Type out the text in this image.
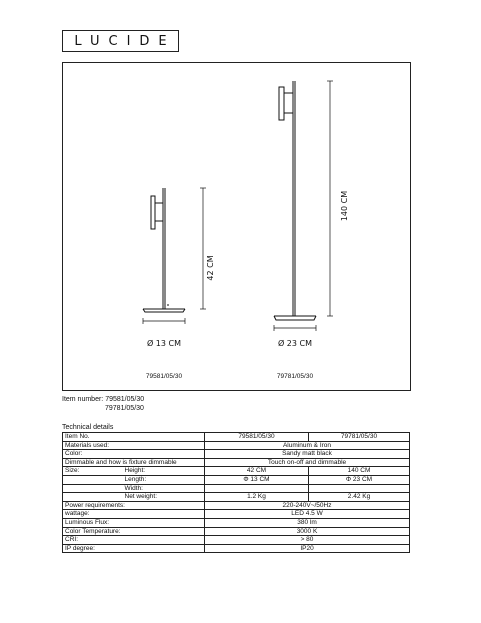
LUCIDE
42 CM
Ø 13 CM
79581/05/30
140 CM
Ø 23 CM
79781/05/30
Item number: 79581/05/30
79781/05/30
Technical details
Item No.		79581/05/30	79781/05/30
Materials used:		Aluminum & Iron	
Color:		Sandy matt black	
Dimmable and how is fixture dimmable		Touch on-off and dimmable	
Size:	Height:	42 CM	140 CM
	Length:	Φ 13 CM	Φ 23 CM
	Width:		
	Net weight:	1.2 Kg	2.42 Kg
Power requirements:		220-240V~/50Hz	
wattage:		LED 4.5 W	
Luminous Flux:		380 lm	
Color Temperature:		3000 K	
CRI:		> 80	
IP degree:		IP20	
